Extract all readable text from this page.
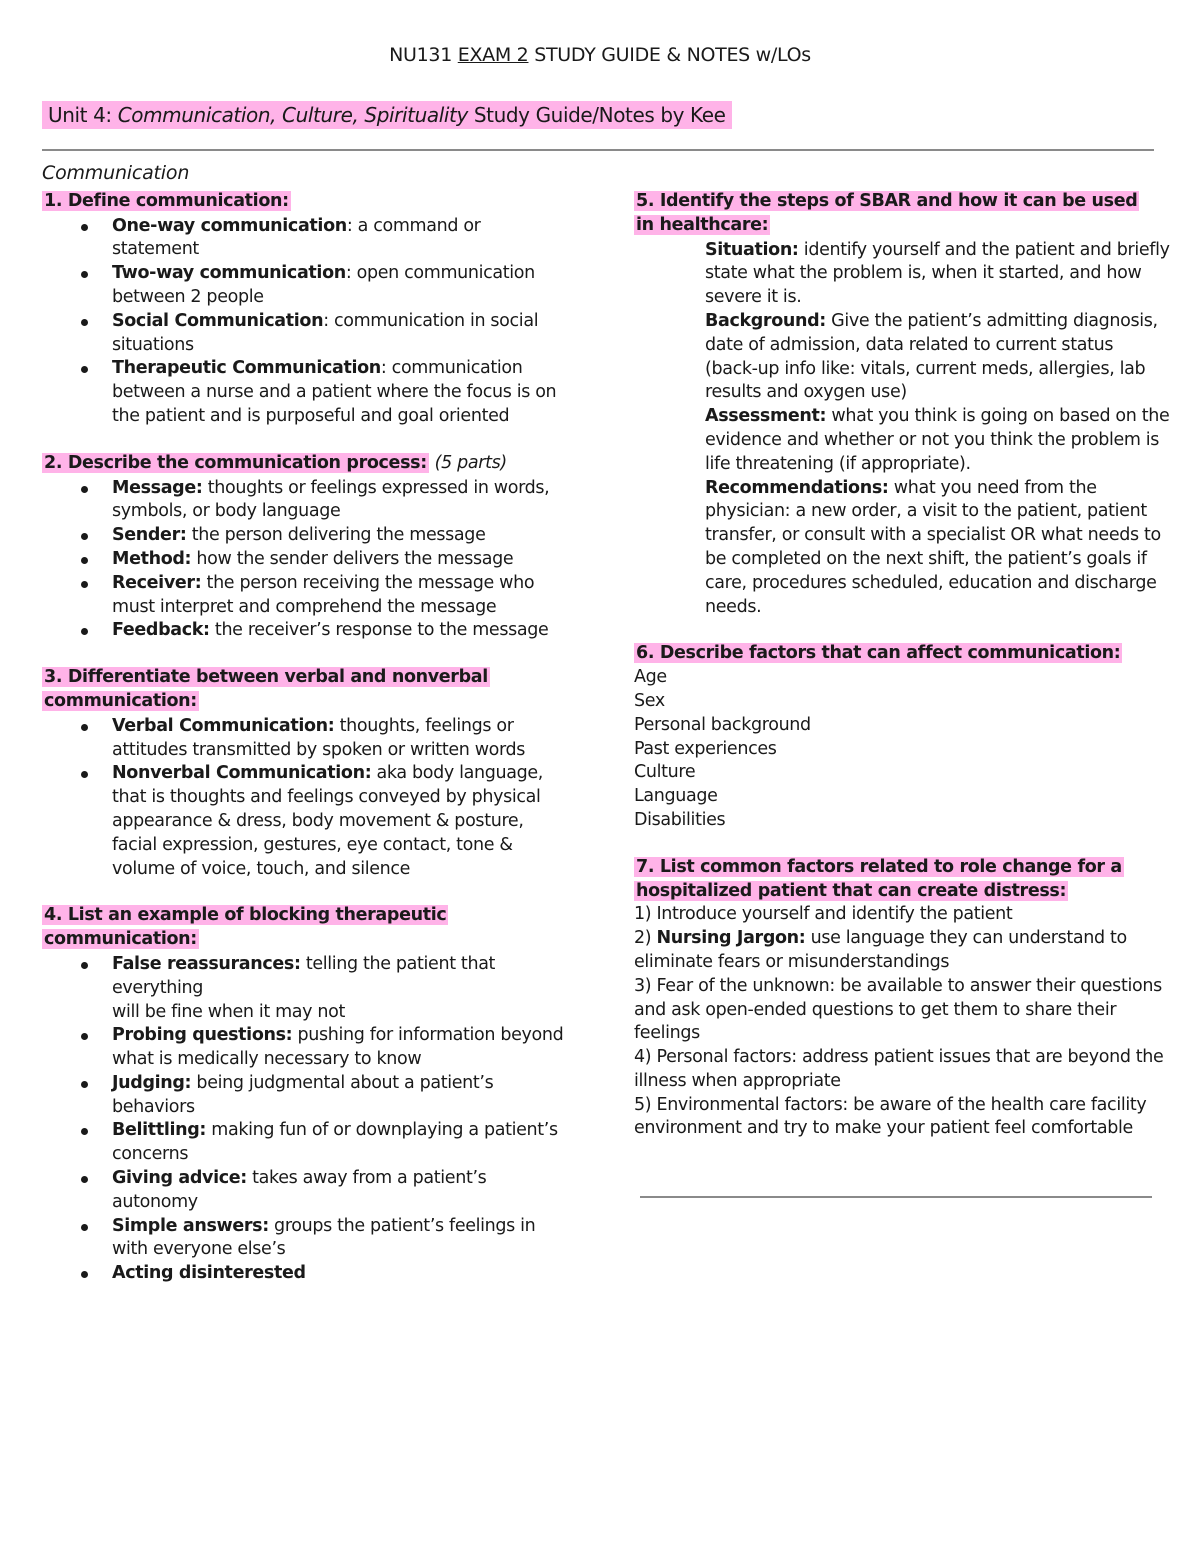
NU131 EXAM 2 STUDY GUIDE & NOTES w/LOs
Unit 4: Communication, Culture, Spirituality Study Guide/Notes by Kee
Communication

1. Define communication:

One-way communication: a command or statement
Two-way communication: open communication between 2 people
Social Communication: communication in social situations
Therapeutic Communication: communication between a nurse and a patient where the focus is on the patient and is purposeful and goal oriented

2. Describe the communication process: (5 parts)

Message: thoughts or feelings expressed in words, symbols, or body language
Sender: the person delivering the message
Method: how the sender delivers the message
Receiver: the person receiving the message who must interpret and comprehend the message
Feedback: the receiver’s response to the message

3. Differentiate between verbal and nonverbal
communication:

Verbal Communication: thoughts, feelings or attitudes transmitted by spoken or written words
Nonverbal Communication: aka body language, that is thoughts and feelings conveyed by physical appearance & dress, body movement & posture, facial expression, gestures, eye contact, tone & volume of voice, touch, and silence

4. List an example of blocking therapeutic
communication:

False reassurances: telling the patient that everything
will be fine when it may not
Probing questions: pushing for information beyond
what is medically necessary to know
Judging: being judgmental about a patient’s behaviors
Belittling: making fun of or downplaying a patient’s
concerns
Giving advice: takes away from a patient’s autonomy
Simple answers: groups the patient’s feelings in with everyone else’s
Acting disinterested

5. Identify the steps of SBAR and how it can be used
in healthcare:

Situation: identify yourself and the patient and briefly state what the problem is, when it started, and how severe it is.
Background: Give the patient’s admitting diagnosis, date of admission, data related to current status (back-up info like: vitals, current meds, allergies, lab results and oxygen use)
Assessment: what you think is going on based on the evidence and whether or not you think the problem is life threatening (if appropriate).
Recommendations: what you need from the physician: a new order, a visit to the patient, patient transfer, or consult with a specialist OR what needs to be completed on the next shift, the patient’s goals if care, procedures scheduled, education and discharge needs.

6. Describe factors that can affect communication:

Age
Sex
Personal background
Past experiences
Culture
Language
Disabilities

7. List common factors related to role change for a
hospitalized patient that can create distress:

1) Introduce yourself and identify the patient
2) Nursing Jargon: use language they can understand to eliminate fears or misunderstandings
3) Fear of the unknown: be available to answer their questions and ask open-ended questions to get them to share their feelings
4) Personal factors: address patient issues that are beyond the illness when appropriate
5) Environmental factors: be aware of the health care facility environment and try to make your patient feel comfortable
